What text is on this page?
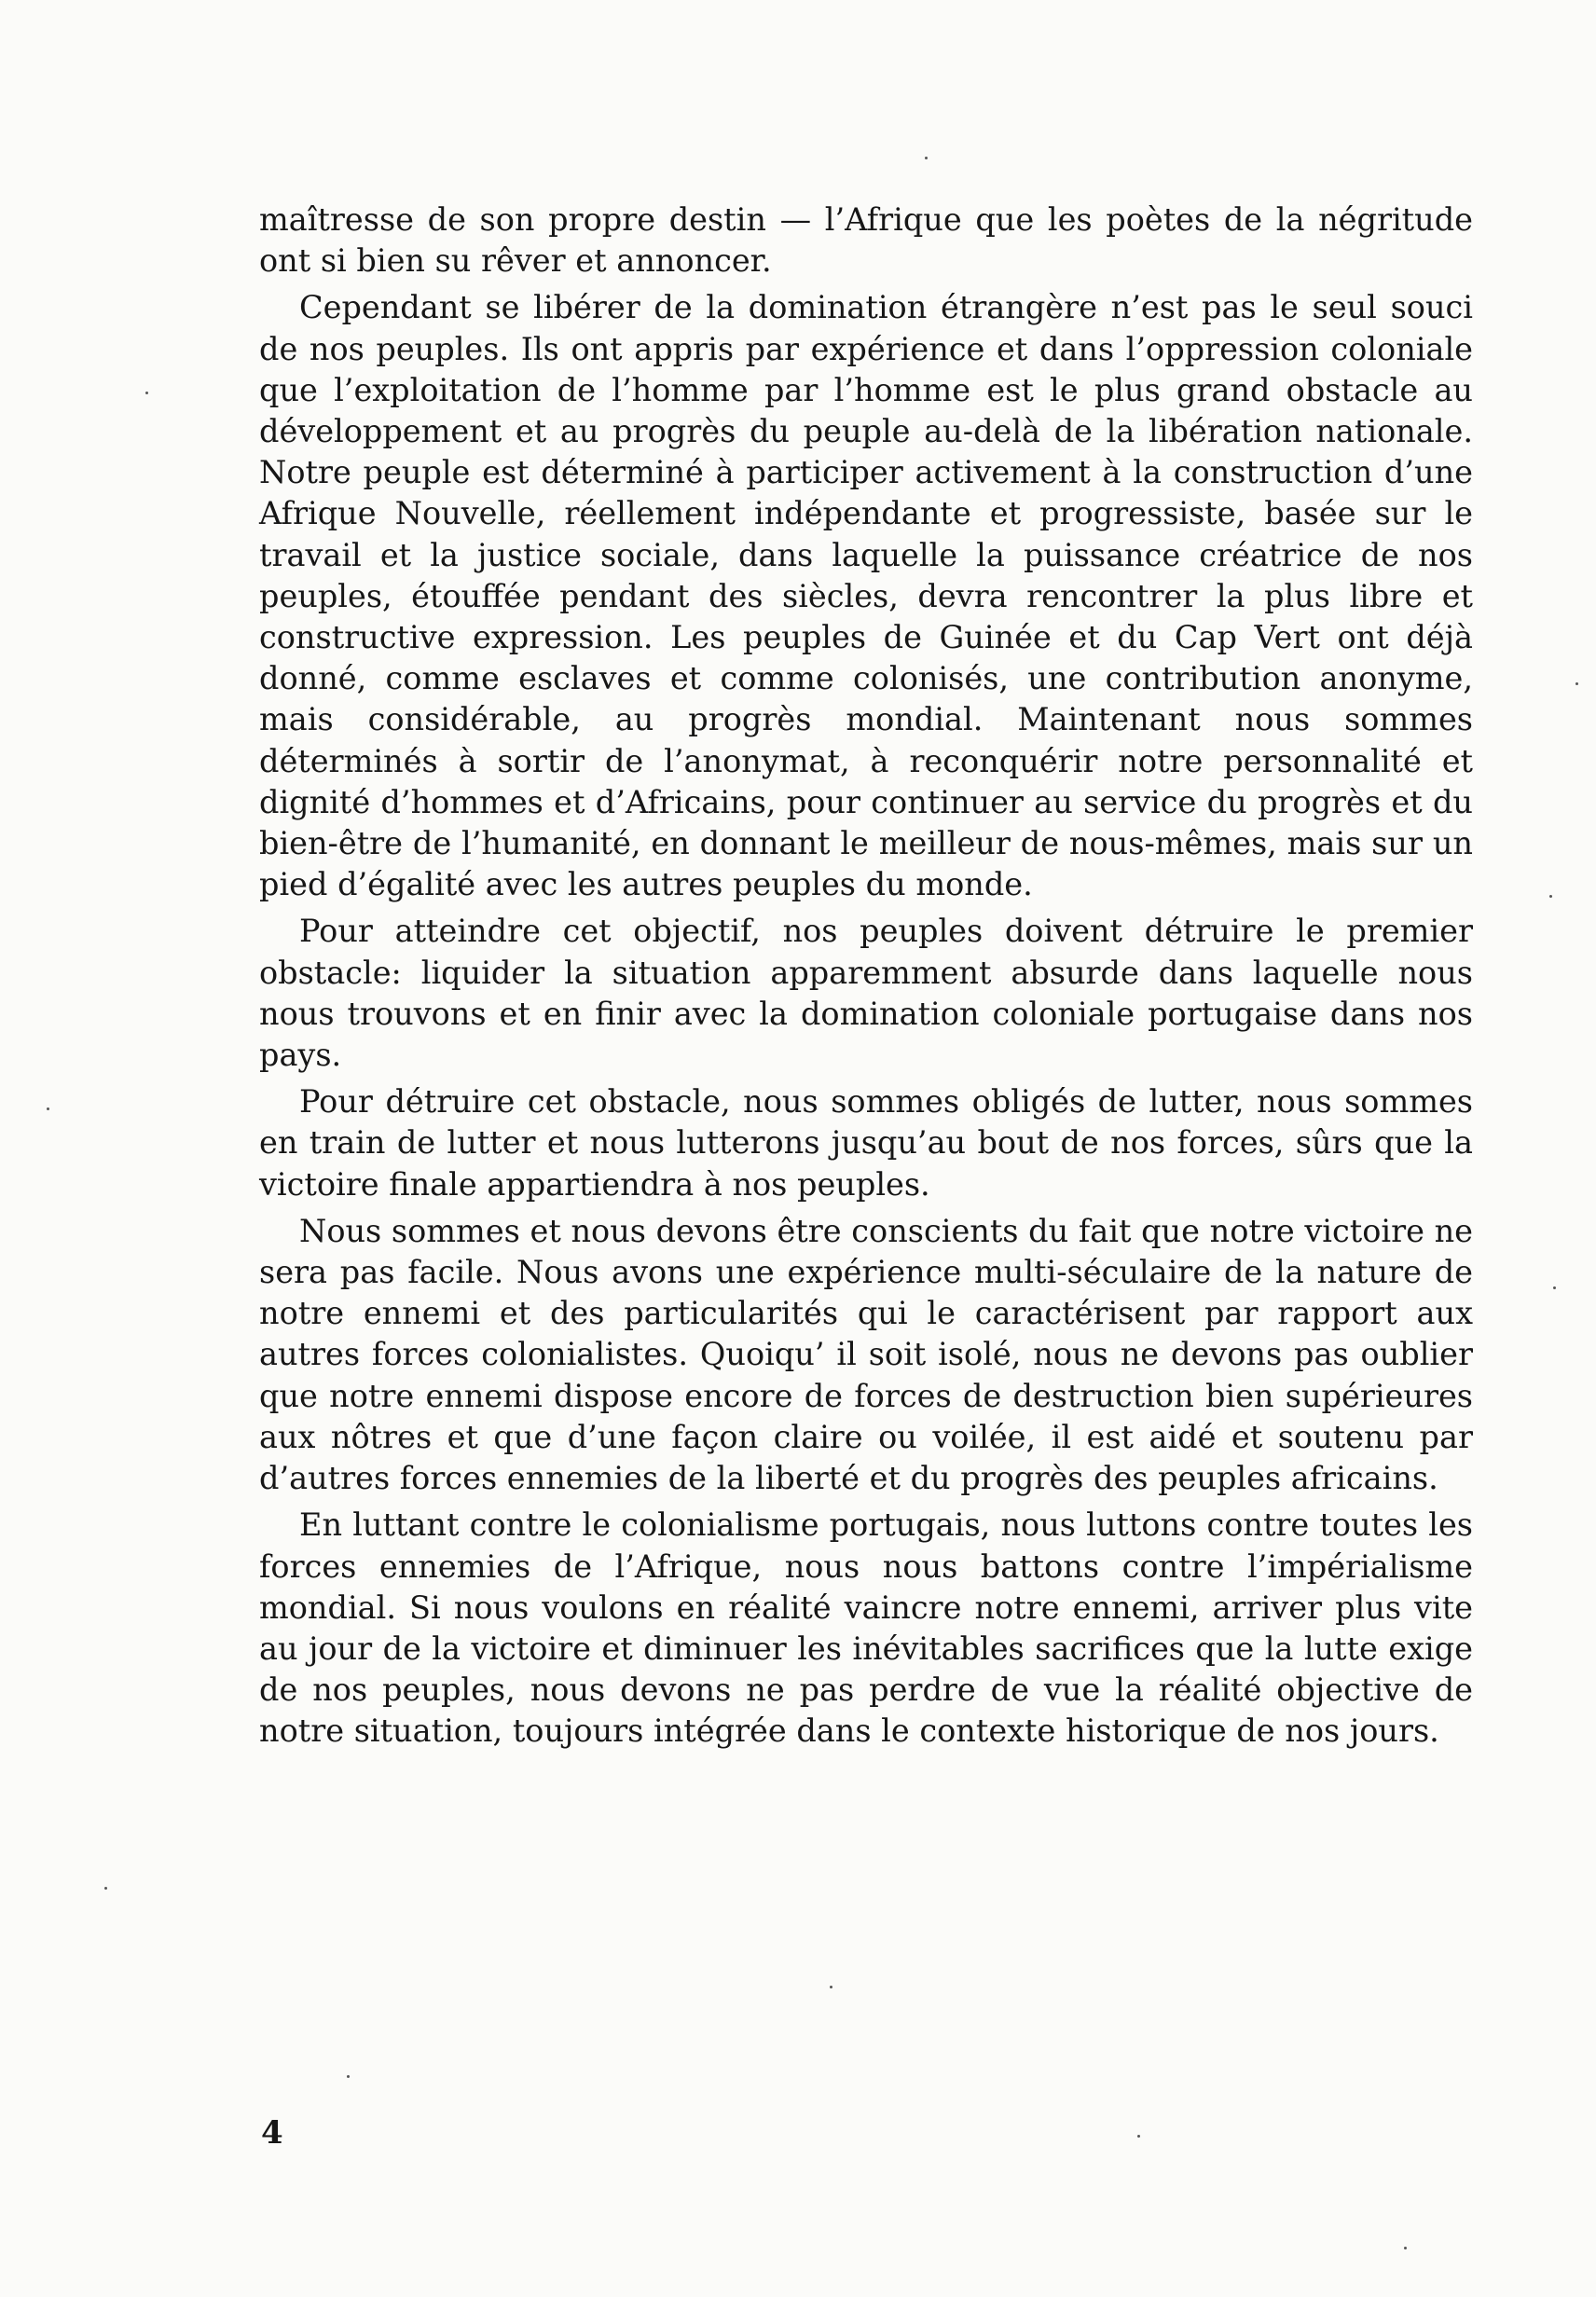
maîtresse de son propre destin — l’Afrique que les poètes de la négritude ont si bien su rêver et annoncer.

Cependant se libérer de la domination étrangère n’est pas le seul souci de nos peuples. Ils ont appris par expérience et dans l’oppression coloniale que l’exploitation de l’homme par l’homme est le plus grand obstacle au développement et au progrès du peuple au-delà de la libération nationale. Notre peuple est déterminé à participer activement à la construction d’une Afrique Nouvelle, réellement indépendante et progressiste, basée sur le travail et la justice sociale, dans laquelle la puissance créatrice de nos peuples, étouffée pendant des siècles, devra rencontrer la plus libre et constructive expression. Les peuples de Guinée et du Cap Vert ont déjà donné, comme esclaves et comme colonisés, une contribution anonyme, mais considérable, au progrès mondial. Maintenant nous sommes déterminés à sortir de l’anonymat, à reconquérir notre personnalité et dignité d’hommes et d’Africains, pour continuer au service du progrès et du bien-être de l’humanité, en donnant le meilleur de nous-mêmes, mais sur un pied d’égalité avec les autres peuples du monde.

Pour atteindre cet objectif, nos peuples doivent détruire le premier obstacle: liquider la situation apparemment absurde dans laquelle nous nous trouvons et en finir avec la domination coloniale portugaise dans nos pays.

Pour détruire cet obstacle, nous sommes obligés de lutter, nous sommes en train de lutter et nous lutterons jusqu’au bout de nos forces, sûrs que la victoire finale appartiendra à nos peuples.

Nous sommes et nous devons être conscients du fait que notre victoire ne sera pas facile. Nous avons une expérience multi-séculaire de la nature de notre ennemi et des particularités qui le caractérisent par rapport aux autres forces colonialistes. Quoiqu’ il soit isolé, nous ne devons pas oublier que notre ennemi dispose encore de forces de destruction bien supérieures aux nôtres et que d’une façon claire ou voilée, il est aidé et soutenu par d’autres forces ennemies de la liberté et du progrès des peuples africains.

En luttant contre le colonialisme portugais, nous luttons contre toutes les forces ennemies de l’Afrique, nous nous battons contre l’impérialisme mondial. Si nous voulons en réalité vaincre notre ennemi, arriver plus vite au jour de la victoire et diminuer les inévitables sacrifices que la lutte exige de nos peuples, nous devons ne pas perdre de vue la réalité objective de notre situation, toujours intégrée dans le contexte historique de nos jours.

4
